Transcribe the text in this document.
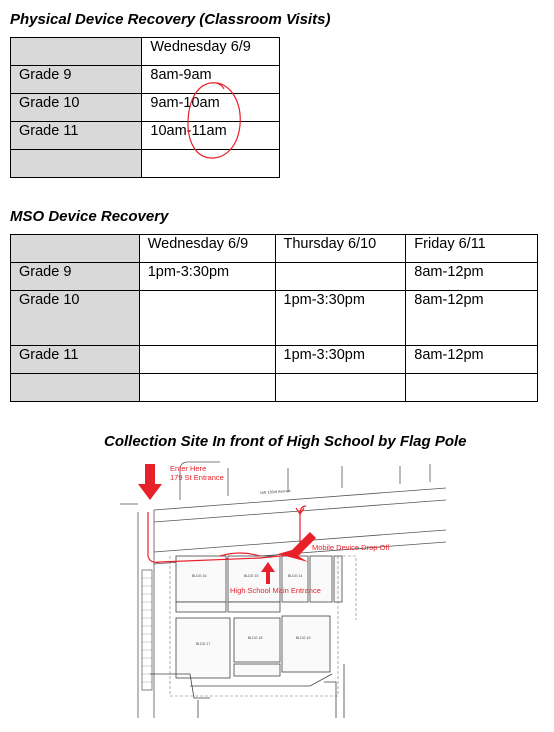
Physical Device Recovery (Classroom Visits)
	Wednesday 6/9
Grade 9	8am-9am
Grade 10	9am-10am
Grade 11	10am-11am

MSO Device Recovery
	Wednesday 6/9	Thursday 6/10	Friday 6/11
Grade 9	1pm-3:30pm		8am-12pm
Grade 10		1pm-3:30pm	8am-12pm
Grade 11		1pm-3:30pm	8am-12pm

Collection Site In front of High School by Flag Pole
Enter Here
179 St Entrance
Mobile Device Drop Off
High School Main Entrance
NW 183rd Avenue
BLDG 16	BLDG 15	BLDG 14
BLDG 17
BLDG 18	BLDG 19
